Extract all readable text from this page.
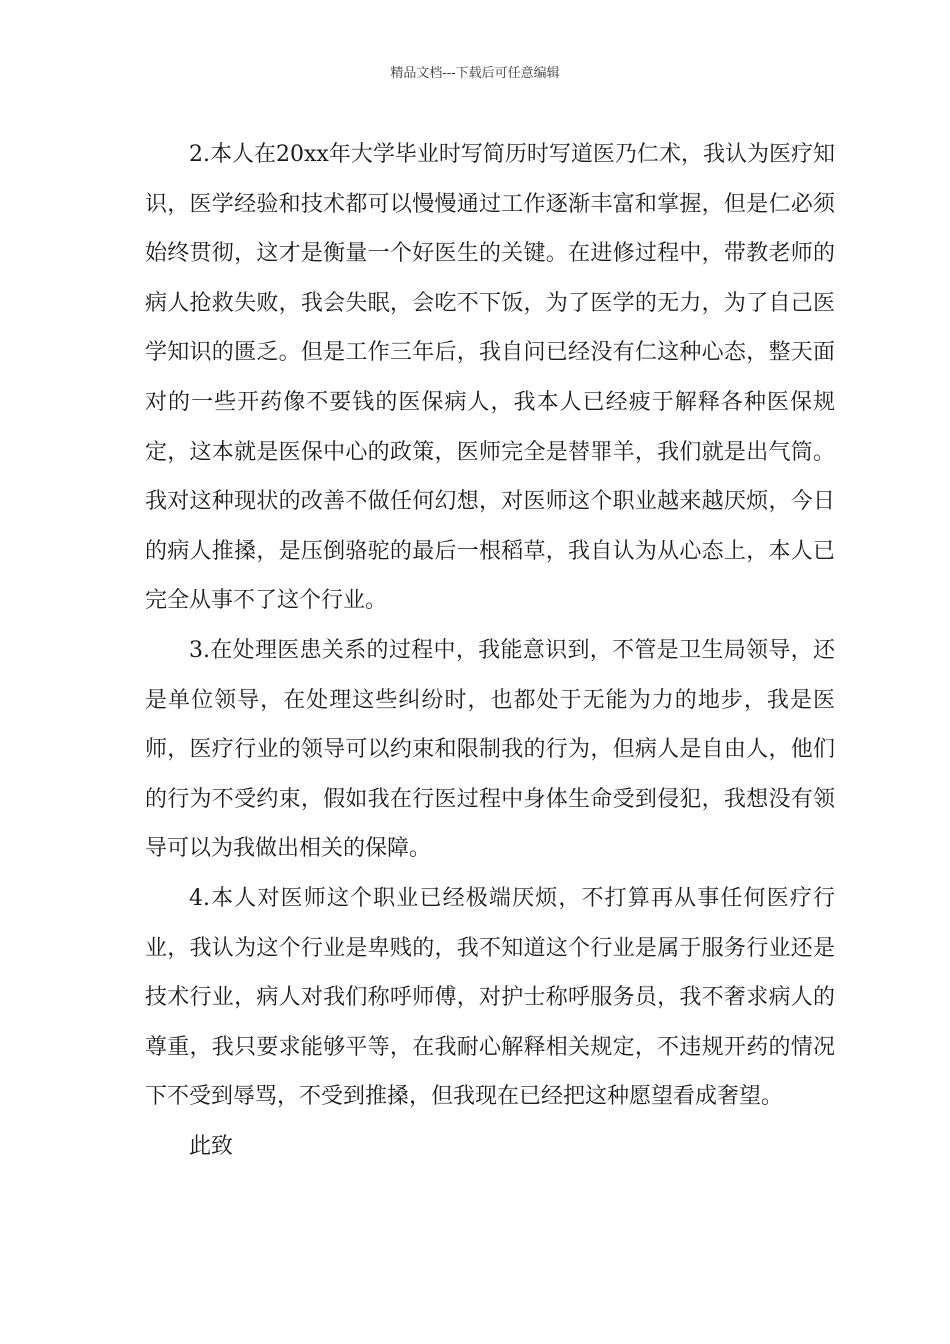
精品文档---下载后可任意编辑

2.本人在20xx年大学毕业时写简历时写道医乃仁术，我认为医疗知识，医学经验和技术都可以慢慢通过工作逐渐丰富和掌握，但是仁必须始终贯彻，这才是衡量一个好医生的关键。在进修过程中，带教老师的病人抢救失败，我会失眠，会吃不下饭，为了医学的无力，为了自己医学知识的匮乏。但是工作三年后，我自问已经没有仁这种心态，整天面对的一些开药像不要钱的医保病人，我本人已经疲于解释各种医保规定，这本就是医保中心的政策，医师完全是替罪羊，我们就是出气筒。我对这种现状的改善不做任何幻想，对医师这个职业越来越厌烦，今日的病人推搡，是压倒骆驼的最后一根稻草，我自认为从心态上，本人已完全从事不了这个行业。

3.在处理医患关系的过程中，我能意识到，不管是卫生局领导，还是单位领导，在处理这些纠纷时，也都处于无能为力的地步，我是医师，医疗行业的领导可以约束和限制我的行为，但病人是自由人，他们的行为不受约束，假如我在行医过程中身体生命受到侵犯，我想没有领导可以为我做出相关的保障。

4.本人对医师这个职业已经极端厌烦，不打算再从事任何医疗行业，我认为这个行业是卑贱的，我不知道这个行业是属于服务行业还是技术行业，病人对我们称呼师傅，对护士称呼服务员，我不奢求病人的尊重，我只要求能够平等，在我耐心解释相关规定，不违规开药的情况下不受到辱骂，不受到推搡，但我现在已经把这种愿望看成奢望。

此致
